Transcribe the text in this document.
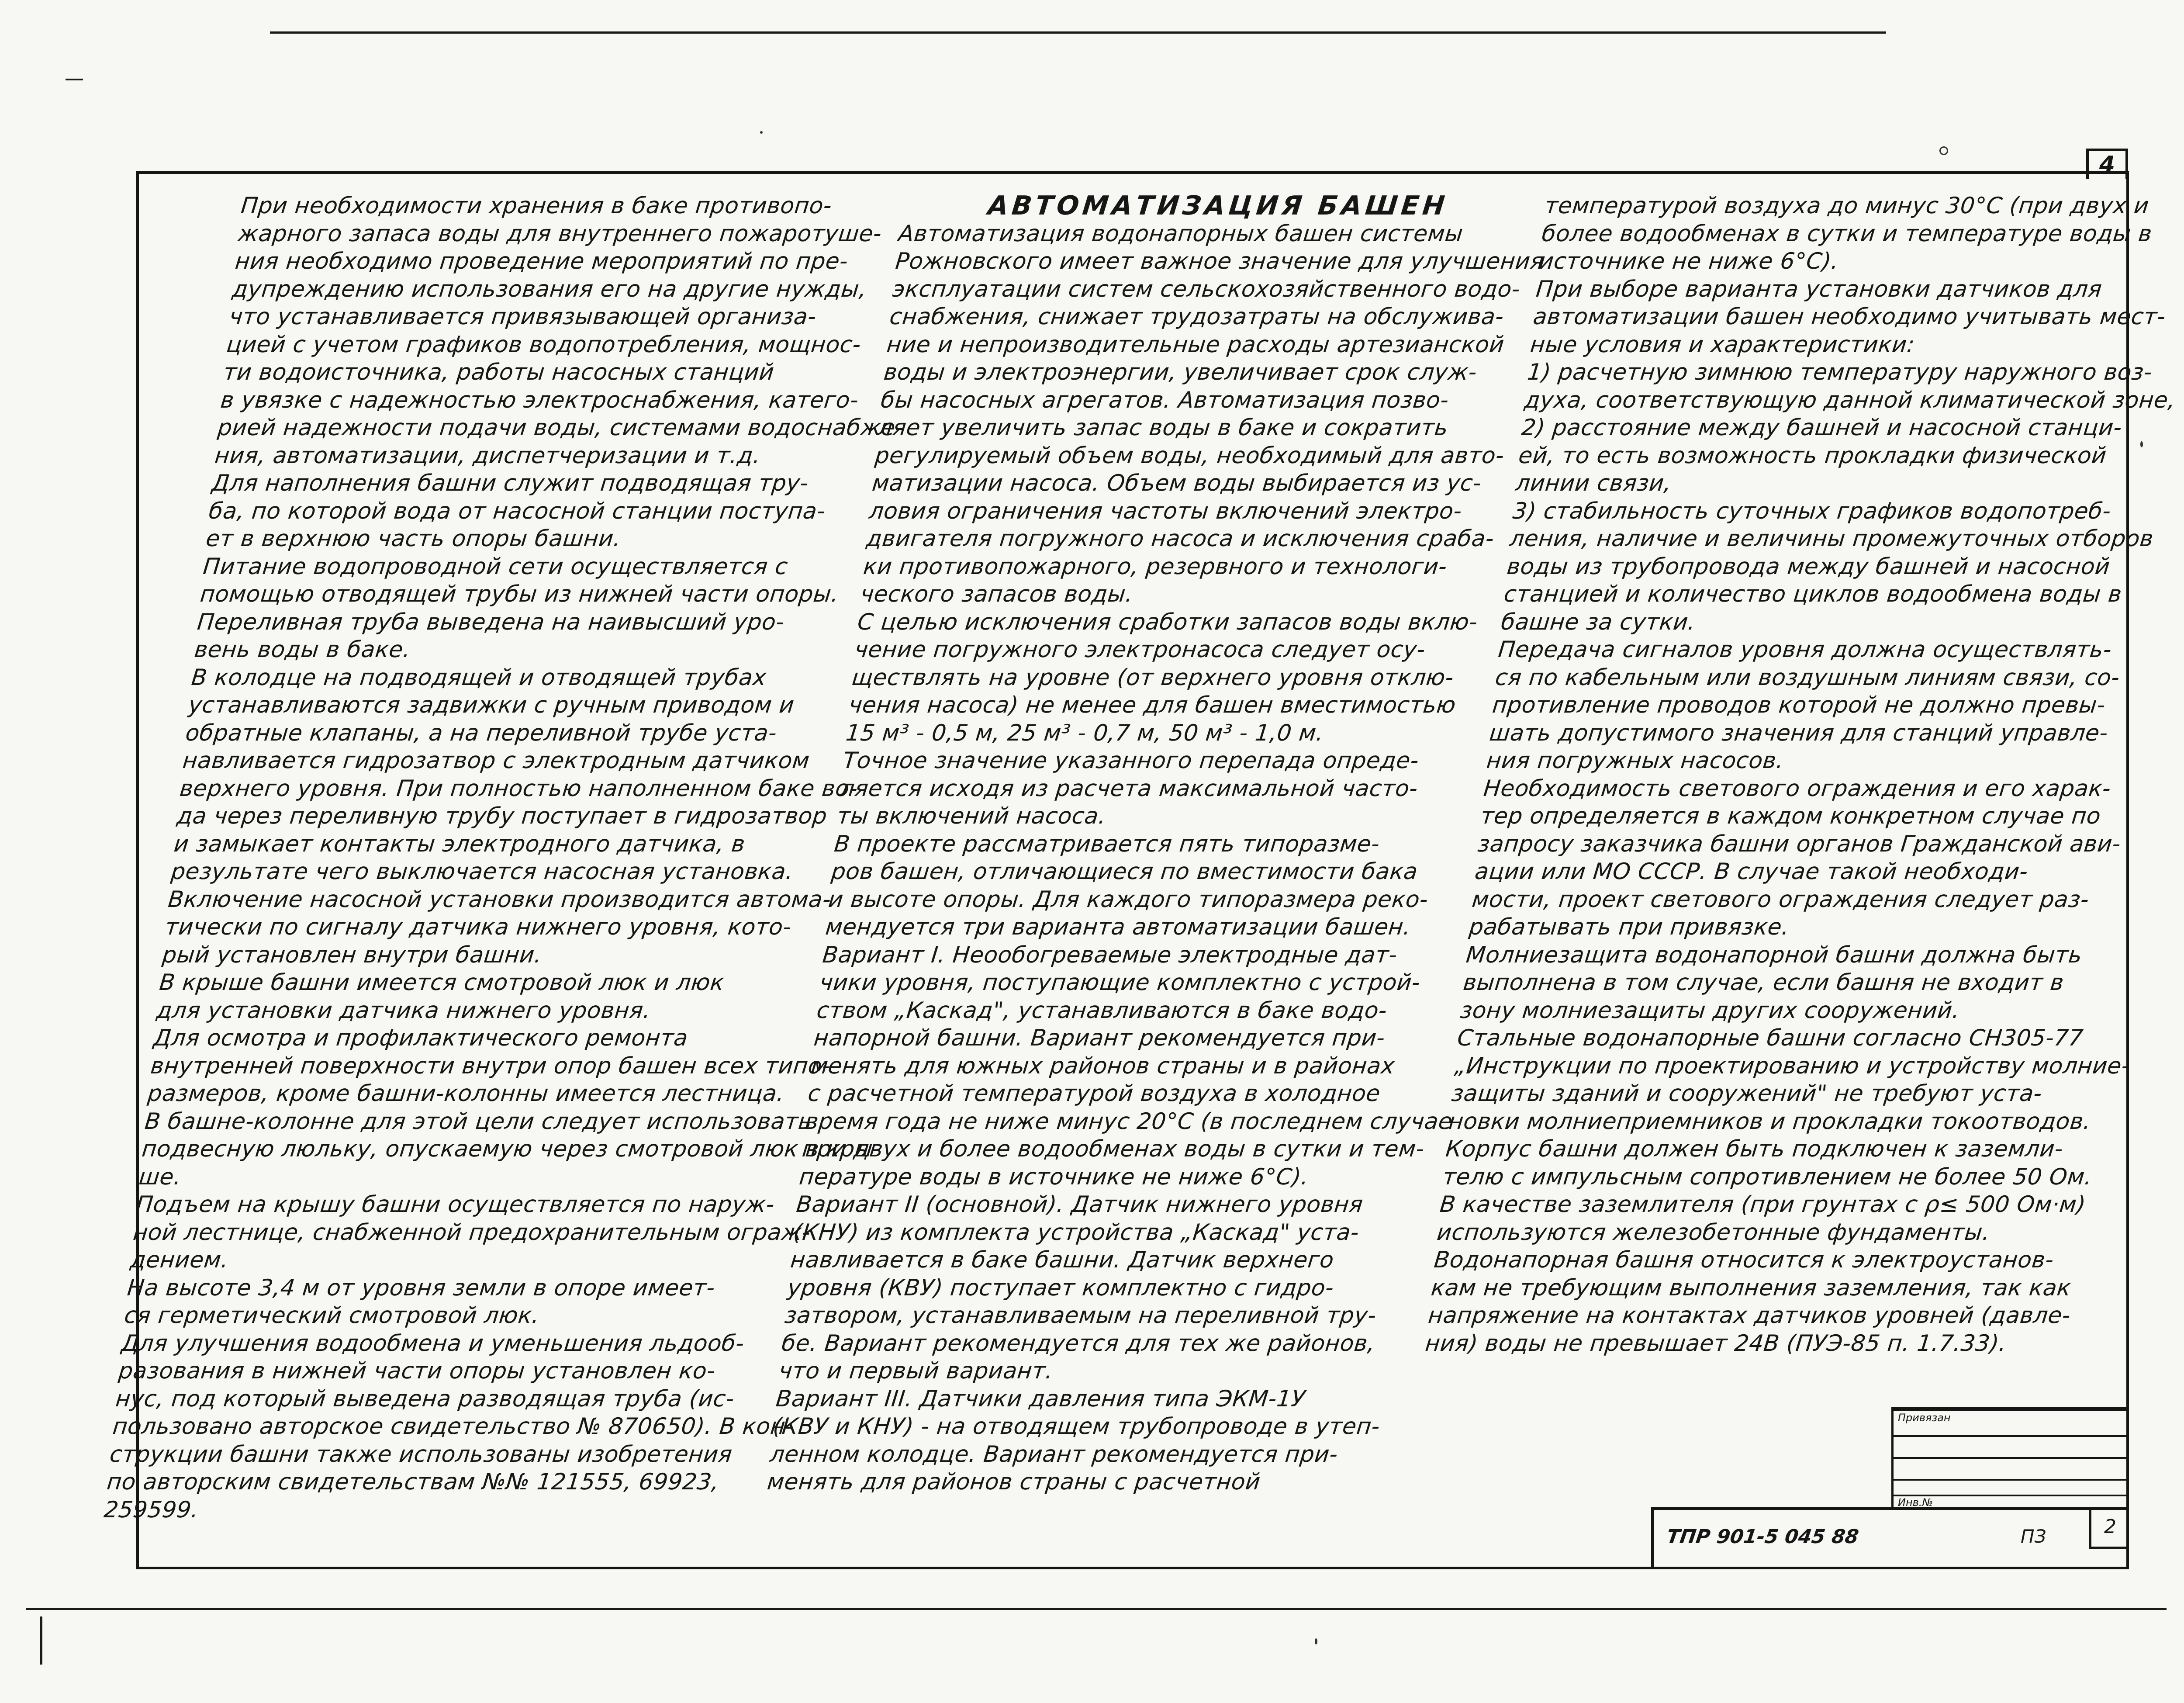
4

При необходимости хранения в баке противопо-

жарного запаса воды для внутреннего пожаротуше-

ния необходимо проведение мероприятий по пре-

дупреждению использования его на другие нужды,

что устанавливается привязывающей организа-

цией с учетом графиков водопотребления, мощнос-

ти водоисточника, работы насосных станций

в увязке с надежностью электроснабжения, катего-

рией надежности подачи воды, системами водоснабже-

ния, автоматизации, диспетчеризации и т.д.

Для наполнения башни служит подводящая тру-

ба, по которой вода от насосной станции поступа-

ет в верхнюю часть опоры башни.

Питание водопроводной сети осуществляется с

помощью отводящей трубы из нижней части опоры.

Переливная труба выведена на наивысший уро-

вень воды в баке.

В колодце на подводящей и отводящей трубах

устанавливаются задвижки с ручным приводом и

обратные клапаны, а на переливной трубе уста-

навливается гидрозатвор с электродным датчиком

верхнего уровня. При полностью наполненном баке во-

да через переливную трубу поступает в гидрозатвор

и замыкает контакты электродного датчика, в

результате чего выключается насосная установка.

Включение насосной установки производится автома-

тически по сигналу датчика нижнего уровня, кото-

рый установлен внутри башни.

В крыше башни имеется смотровой люк и люк

для установки датчика нижнего уровня.

Для осмотра и профилактического ремонта

внутренней поверхности внутри опор башен всех типо-

размеров, кроме башни-колонны имеется лестница.

В башне-колонне для этой цели следует использовать

подвесную люльку, опускаемую через смотровой люк в кры-

ше.

Подъем на крышу башни осуществляется по наруж-

ной лестнице, снабженной предохранительным ограж-

дением.

На высоте 3,4 м от уровня земли в опоре имеет-

ся герметический смотровой люк.

Для улучшения водообмена и уменьшения льдооб-

разования в нижней части опоры установлен ко-

нус, под который выведена разводящая труба (ис-

пользовано авторское свидетельство № 870650). В кон-

струкции башни также использованы изобретения

по авторским свидетельствам №№ 121555, 69923,

259599.

АВТОМАТИЗАЦИЯ БАШЕН

Автоматизация водонапорных башен системы

Рожновского имеет важное значение для улучшения

эксплуатации систем сельскохозяйственного водо-

снабжения, снижает трудозатраты на обслужива-

ние и непроизводительные расходы артезианской

воды и электроэнергии, увеличивает срок служ-

бы насосных агрегатов. Автоматизация позво-

ляет увеличить запас воды в баке и сократить

регулируемый объем воды, необходимый для авто-

матизации насоса. Объем воды выбирается из ус-

ловия ограничения частоты включений электро-

двигателя погружного насоса и исключения сраба-

ки противопожарного, резервного и технологи-

ческого запасов воды.

С целью исключения сработки запасов воды вклю-

чение погружного электронасоса следует осу-

ществлять на уровне (от верхнего уровня отклю-

чения насоса) не менее для башен вместимостью

15 м³ - 0,5 м, 25 м³ - 0,7 м, 50 м³ - 1,0 м.

Точное значение указанного перепада опреде-

ляется исходя из расчета максимальной часто-

ты включений насоса.

В проекте рассматривается пять типоразме-

ров башен, отличающиеся по вместимости бака

и высоте опоры. Для каждого типоразмера реко-

мендуется три варианта автоматизации башен.

Вариант I. Неообогреваемые электродные дат-

чики уровня, поступающие комплектно с устрой-

ством „Каскад", устанавливаются в баке водо-

напорной башни. Вариант рекомендуется при-

менять для южных районов страны и в районах

с расчетной температурой воздуха в холодное

время года не ниже минус 20°С (в последнем случае

при двух и более водообменах воды в сутки и тем-

пературе воды в источнике не ниже 6°С).

Вариант II (основной). Датчик нижнего уровня

(КНУ) из комплекта устройства „Каскад" уста-

навливается в баке башни. Датчик верхнего

уровня (КВУ) поступает комплектно с гидро-

затвором, устанавливаемым на переливной тру-

бе. Вариант рекомендуется для тех же районов,

что и первый вариант.

Вариант III. Датчики давления типа ЭКМ-1У

(КВУ и КНУ) - на отводящем трубопроводе в утеп-

ленном колодце. Вариант рекомендуется при-

менять для районов страны с расчетной

температурой воздуха до минус 30°С (при двух и

более водообменах в сутки и температуре воды в

источнике не ниже 6°С).

При выборе варианта установки датчиков для

автоматизации башен необходимо учитывать мест-

ные условия и характеристики:

1) расчетную зимнюю температуру наружного воз-

духа, соответствующую данной климатической зоне,

2) расстояние между башней и насосной станци-

ей, то есть возможность прокладки физической

линии связи,

3) стабильность суточных графиков водопотреб-

ления, наличие и величины промежуточных отборов

воды из трубопровода между башней и насосной

станцией и количество циклов водообмена воды в

башне за сутки.

Передача сигналов уровня должна осуществлять-

ся по кабельным или воздушным линиям связи, со-

противление проводов которой не должно превы-

шать допустимого значения для станций управле-

ния погружных насосов.

Необходимость светового ограждения и его харак-

тер определяется в каждом конкретном случае по

запросу заказчика башни органов Гражданской ави-

ации или МО СССР. В случае такой необходи-

мости, проект светового ограждения следует раз-

рабатывать при привязке.

Молниезащита водонапорной башни должна быть

выполнена в том случае, если башня не входит в

зону молниезащиты других сооружений.

Стальные водонапорные башни согласно СН305-77

„Инструкции по проектированию и устройству молние-

защиты зданий и сооружений" не требуют уста-

новки молниеприемников и прокладки токоотводов.

Корпус башни должен быть подключен к заземли-

телю с импульсным сопротивлением не более 50 Ом.

В качестве заземлителя (при грунтах с ρ≤ 500 Ом·м)

используются железобетонные фундаменты.

Водонапорная башня относится к электроустанов-

кам не требующим выполнения заземления, так как

напряжение на контактах датчиков уровней (давле-

ния) воды не превышает 24В (ПУЭ-85 п. 1.7.33).

Привязан
Инв.№
ТПР 901-5 045 88	ПЗ	2
